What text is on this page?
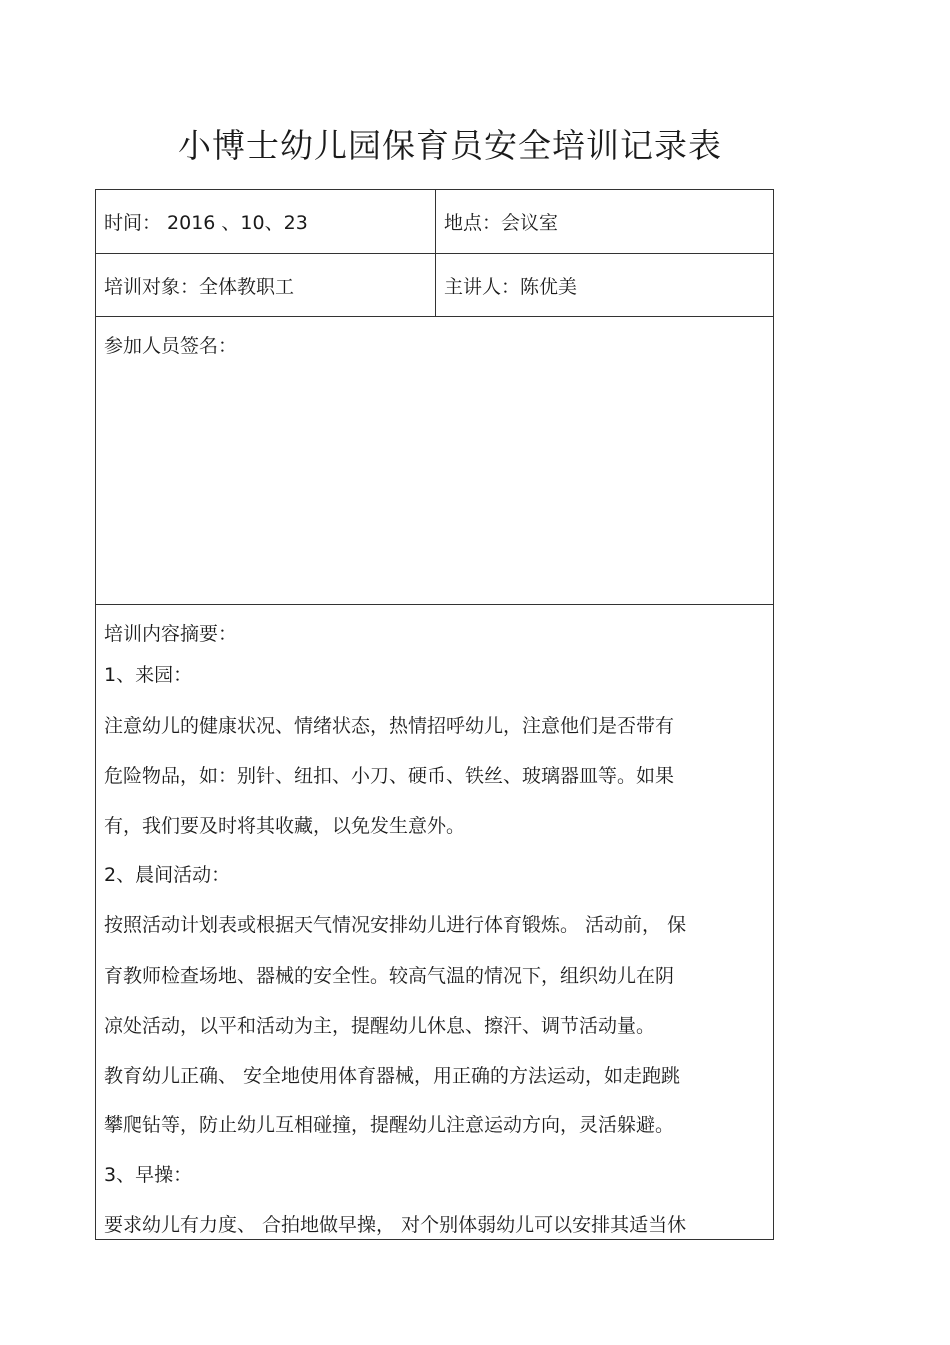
小博士幼儿园保育员安全培训记录表
时间： 2016 、10、23	地点：会议室
培训对象：全体教职工	主讲人：陈优美
参加人员签名：
培训内容摘要：
1、来园：
注意幼儿的健康状况、情绪状态，热情招呼幼儿，注意他们是否带有
危险物品，如：别针、纽扣、小刀、硬币、铁丝、玻璃器皿等。如果
有，我们要及时将其收藏，以免发生意外。
2、晨间活动：
按照活动计划表或根据天气情况安排幼儿进行体育锻炼。 活动前， 保
育教师检查场地、器械的安全性。较高气温的情况下，组织幼儿在阴
凉处活动，以平和活动为主，提醒幼儿休息、擦汗、调节活动量。
教育幼儿正确、 安全地使用体育器械，用正确的方法运动，如走跑跳
攀爬钻等，防止幼儿互相碰撞，提醒幼儿注意运动方向，灵活躲避。
3、早操：
要求幼儿有力度、 合拍地做早操， 对个别体弱幼儿可以安排其适当休
